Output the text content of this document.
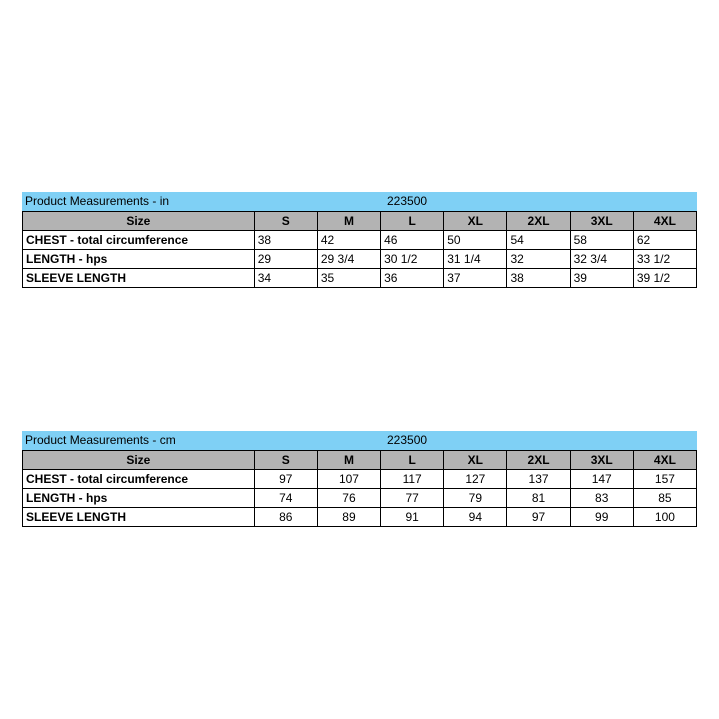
Product Measurements - in	223500
Size	S	M	L	XL	2XL	3XL	4XL
CHEST - total circumference	38	42	46	50	54	58	62
LENGTH - hps	29	29 3/4	30 1/2	31 1/4	32	32 3/4	33 1/2
SLEEVE LENGTH	34	35	36	37	38	39	39 1/2
Product Measurements - cm	223500
Size	S	M	L	XL	2XL	3XL	4XL
CHEST - total circumference	97	107	117	127	137	147	157
LENGTH - hps	74	76	77	79	81	83	85
SLEEVE LENGTH	86	89	91	94	97	99	100
